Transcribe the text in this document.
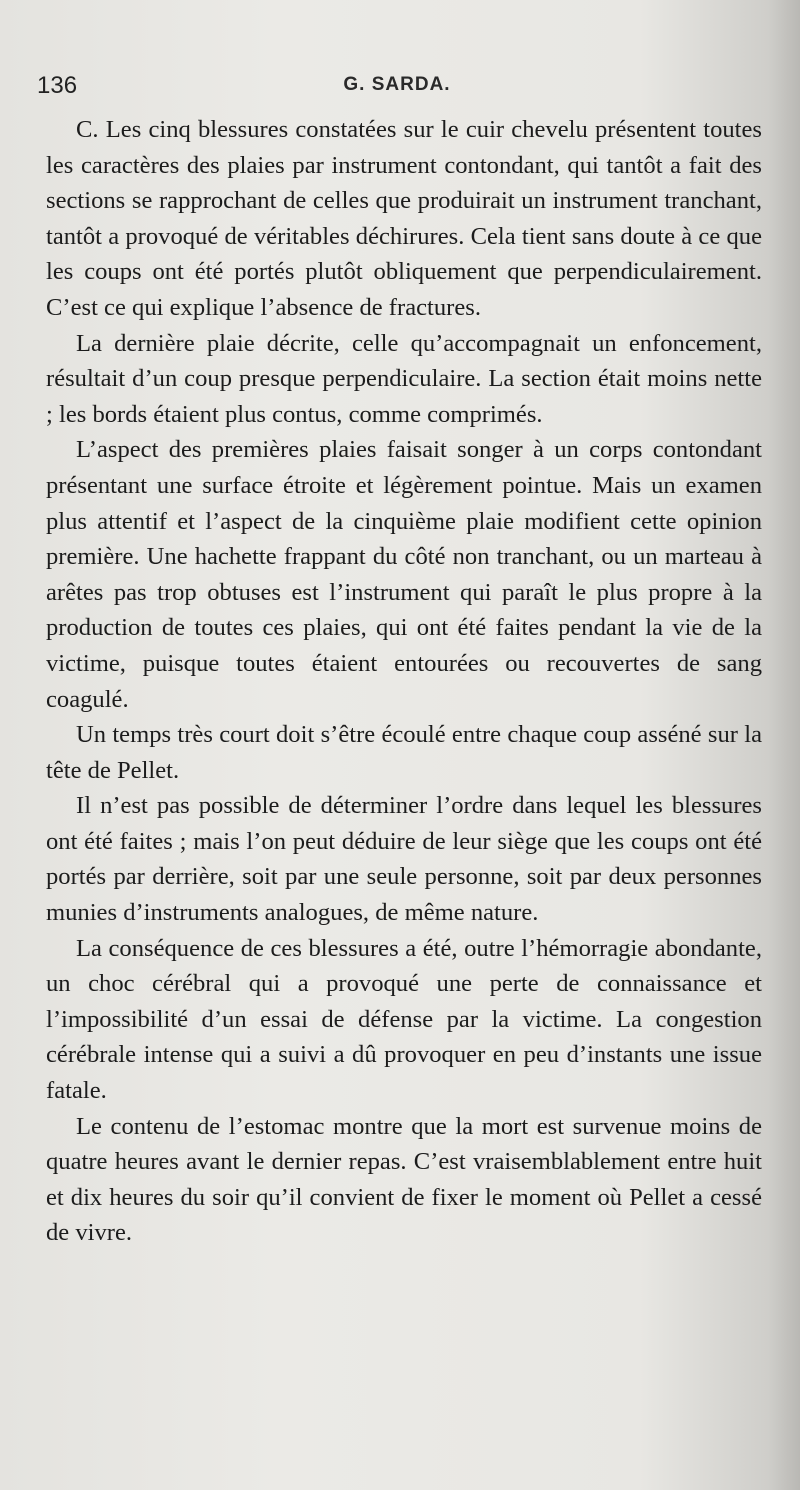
136	G. SARDA.

C. Les cinq blessures constatées sur le cuir chevelu présentent toutes les caractères des plaies par instrument contondant, qui tantôt a fait des sections se rapprochant de celles que produirait un instrument tranchant, tantôt a provoqué de véritables déchirures. Cela tient sans doute à ce que les coups ont été portés plutôt obliquement que perpendiculairement. C’est ce qui explique l’absence de fractures.

La dernière plaie décrite, celle qu’accompagnait un enfoncement, résultait d’un coup presque perpendiculaire. La section était moins nette ; les bords étaient plus contus, comme comprimés.

L’aspect des premières plaies faisait songer à un corps contondant présentant une surface étroite et légèrement pointue. Mais un examen plus attentif et l’aspect de la cinquième plaie modifient cette opinion première. Une hachette frappant du côté non tranchant, ou un marteau à arêtes pas trop obtuses est l’instrument qui paraît le plus propre à la production de toutes ces plaies, qui ont été faites pendant la vie de la victime, puisque toutes étaient entourées ou recouvertes de sang coagulé.

Un temps très court doit s’être écoulé entre chaque coup asséné sur la tête de Pellet.

Il n’est pas possible de déterminer l’ordre dans lequel les blessures ont été faites ; mais l’on peut déduire de leur siège que les coups ont été portés par derrière, soit par une seule personne, soit par deux personnes munies d’instruments analogues, de même nature.

La conséquence de ces blessures a été, outre l’hémorragie abondante, un choc cérébral qui a provoqué une perte de connaissance et l’impossibilité d’un essai de défense par la victime. La congestion cérébrale intense qui a suivi a dû provoquer en peu d’instants une issue fatale.

Le contenu de l’estomac montre que la mort est survenue moins de quatre heures avant le dernier repas. C’est vraisemblablement entre huit et dix heures du soir qu’il convient de fixer le moment où Pellet a cessé de vivre.
